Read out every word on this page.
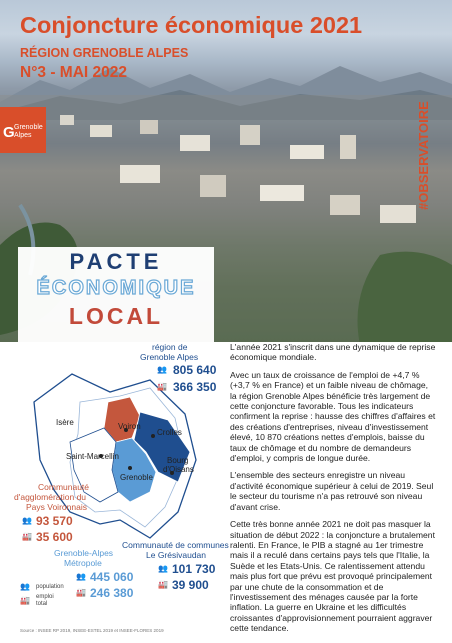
Conjoncture économique 2021
RÉGION GRENOBLE ALPES
N°3 - MAI 2022
G Grenoble
Alpes	#OBSERVATOIRE
PACTE
ÉCONOMIQUE
LOCAL
Isère	Voiron
Crolles
Saint-Marcellin
Grenoble
Bourg
d'Oisans
région de
Grenoble Alpes
👥 805 640
🏭 366 350
Communauté
d'agglomération du
Pays Voironnais
👥 93 570
🏭 35 600
Grenoble-Alpes
Métropole
👥 445 060
🏭 246 380
Communauté de communes
Le Grésivaudan
👥 101 730
🏭 39 900
👥 population
🏭 emploi
total
Source : INSEE RP 2019, INSEE-ESTEL 2019 et INSEE-FLORES 2019

L'année 2021 s'inscrit dans une dynamique de reprise économique mondiale.

Avec un taux de croissance de l'emploi de +4,7 % (+3,7 % en France) et un faible niveau de chômage, la région Grenoble Alpes bénéficie très largement de cette conjoncture favorable. Tous les indicateurs confirment la reprise : hausse des chiffres d'affaires et des créations d'entreprises, niveau d'investissement élevé, 10 870 créations nettes d'emplois, baisse du taux de chômage et du nombre de demandeurs d'emploi, y compris de longue durée.

L'ensemble des secteurs enregistre un niveau d'activité économique supérieur à celui de 2019. Seul le secteur du tourisme n'a pas retrouvé son niveau d'avant crise.

Cette très bonne année 2021 ne doit pas masquer la situation de début 2022 : la conjoncture a brutalement ralenti. En France, le PIB a stagné au 1er trimestre mais il a reculé dans certains pays tels que l'Italie, la Suède et les Etats-Unis. Ce ralentissement attendu mais plus fort que prévu est provoqué principalement par une chute de la consommation et de l'investissement des ménages causée par la forte inflation. La guerre en Ukraine et les difficultés croissantes d'approvisionnement pourraient aggraver cette tendance.
